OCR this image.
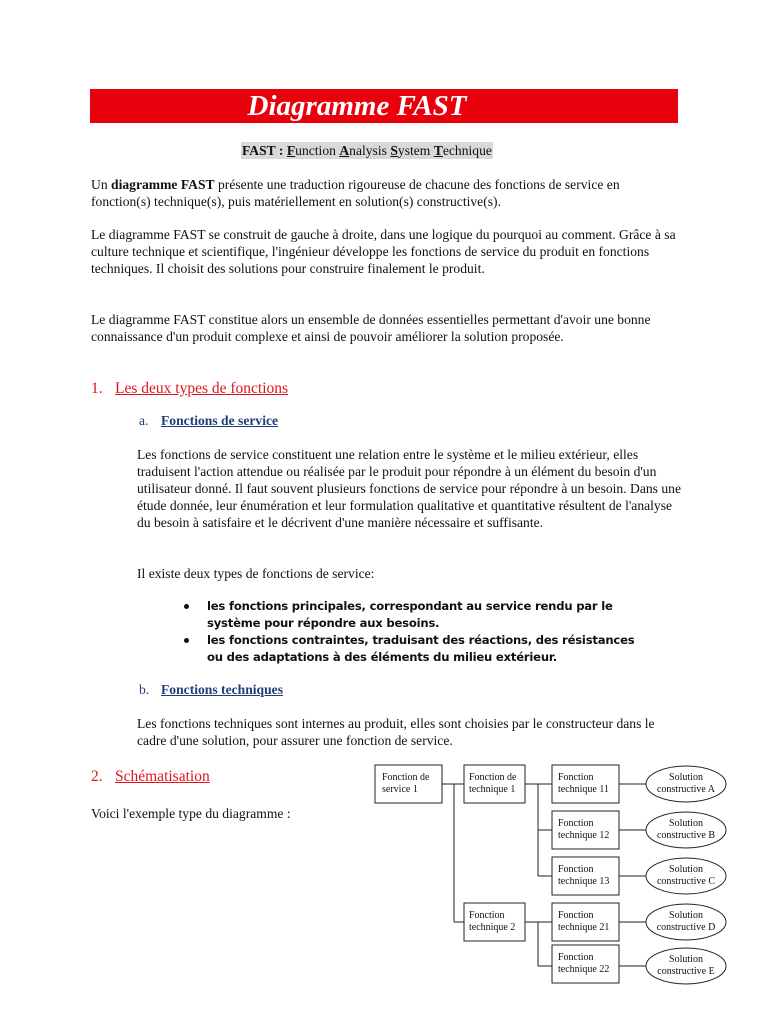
Diagramme FAST
FAST : Function Analysis System Technique

Un diagramme FAST présente une traduction rigoureuse de chacune des fonctions de service en fonction(s) technique(s), puis matériellement en solution(s) constructive(s).

Le diagramme FAST se construit de gauche à droite, dans une logique du pourquoi au comment. Grâce à sa culture technique et scientifique, l'ingénieur développe les fonctions de service du produit en fonctions techniques. Il choisit des solutions pour construire finalement le produit.

Le diagramme FAST constitue alors un ensemble de données essentielles permettant d'avoir une bonne connaissance d'un produit complexe et ainsi de pouvoir améliorer la solution proposée.

1. Les deux types de fonctions
a. Fonctions de service

Les fonctions de service constituent une relation entre le système et le milieu extérieur, elles traduisent l'action attendue ou réalisée par le produit pour répondre à un élément du besoin d'un utilisateur donné. Il faut souvent plusieurs fonctions de service pour répondre à un besoin. Dans une étude donnée, leur énumération et leur formulation qualitative et quantitative résultent de l'analyse du besoin à satisfaire et le décrivent d'une manière nécessaire et suffisante.

Il existe deux types de fonctions de service:

les fonctions principales, correspondant au service rendu par le système pour répondre aux besoins.
les fonctions contraintes, traduisant des réactions, des résistances ou des adaptations à des éléments du milieu extérieur.
b. Fonctions techniques

Les fonctions techniques sont internes au produit, elles sont choisies par le constructeur dans le cadre d'une solution, pour assurer une fonction de service.

2. Schématisation

Voici l'exemple type du diagramme :

Fonction de
service 1
Fonction de
technique 1
Fonction
technique 2
Fonction
technique 11
Fonction
technique 12
Fonction
technique 13
Fonction
technique 21
Fonction
technique 22
Solution
constructive A
Solution
constructive B
Solution
constructive C
Solution
constructive D
Solution
constructive E
